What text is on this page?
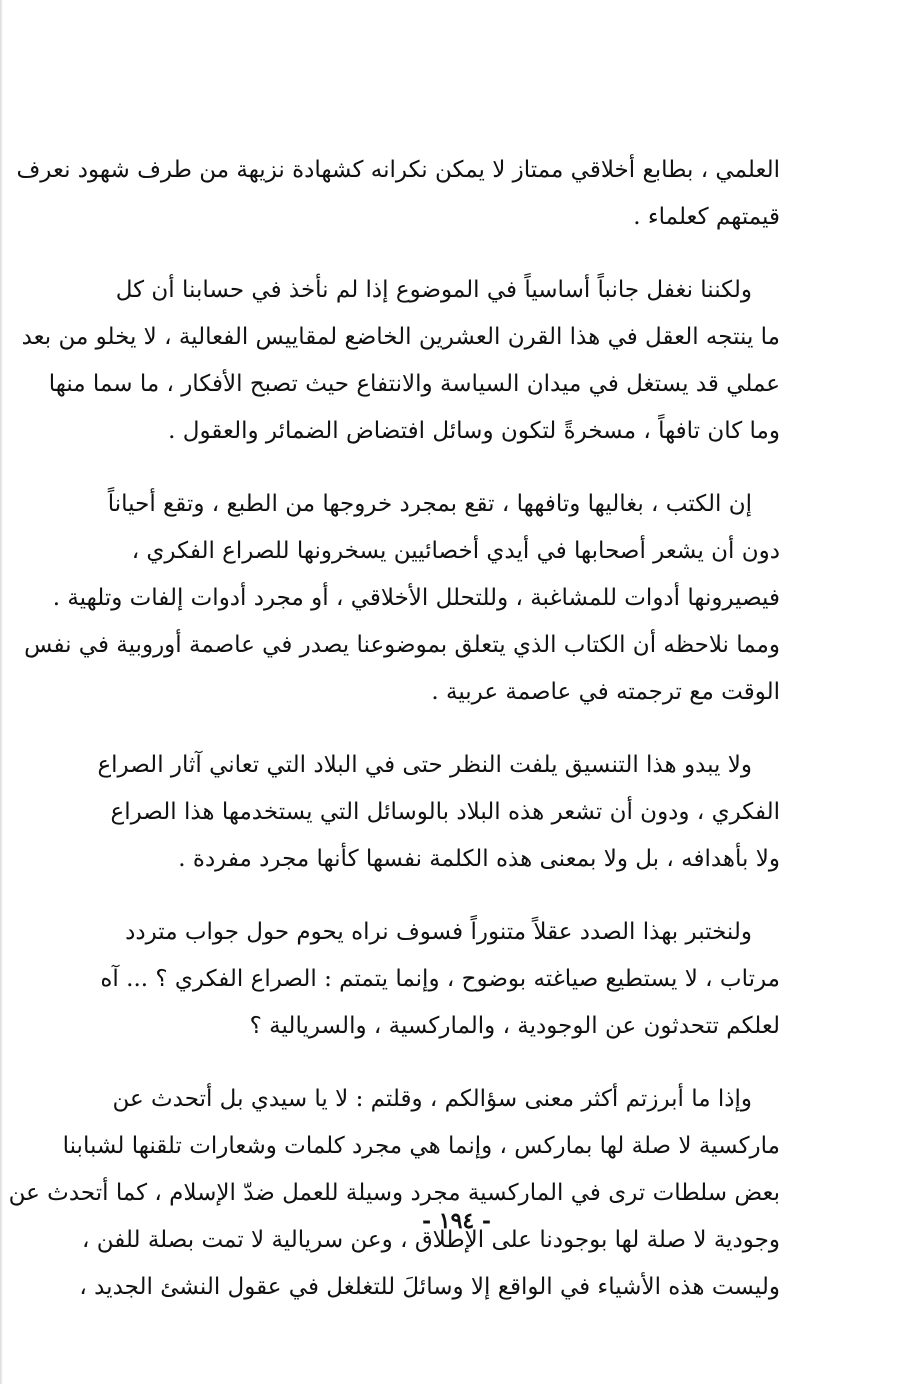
العلمي ، بطابع أخلاقي ممتاز لا يمكن نكرانه كشهادة نزيهة من طرف شهود نعرف
قيمتهم كعلماء .
ولكننا نغفل جانباً أساسياً في الموضوع إذا لم نأخذ في حسابنا أن كل
ما ينتجه العقل في هذا القرن العشرين الخاضع لمقاييس الفعالية ، لا يخلو من بعد
عملي قد يستغل في ميدان السياسة والانتفاع حيث تصبح الأفكار ، ما سما منها
وما كان تافهاً ، مسخرةً لتكون وسائل افتضاض الضمائر والعقول .
إن الكتب ، بغاليها وتافهها ، تقع بمجرد خروجها من الطبع ، وتقع أحياناً
دون أن يشعر أصحابها في أيدي أخصائيين يسخرونها للصراع الفكري ،
فيصيرونها أدوات للمشاغبة ، وللتحلل الأخلاقي ، أو مجرد أدوات إلفات وتلهية .
ومما نلاحظه أن الكتاب الذي يتعلق بموضوعنا يصدر في عاصمة أوروبية في نفس
الوقت مع ترجمته في عاصمة عربية .
ولا يبدو هذا التنسيق يلفت النظر حتى في البلاد التي تعاني آثار الصراع
الفكري ، ودون أن تشعر هذه البلاد بالوسائل التي يستخدمها هذا الصراع
ولا بأهدافه ، بل ولا بمعنى هذه الكلمة نفسها كأنها مجرد مفردة .
ولنختبر بهذا الصدد عقلاً متنوراً فسوف نراه يحوم حول جواب متردد
مرتاب ، لا يستطيع صياغته بوضوح ، وإنما يتمتم : الصراع الفكري ؟ ... آه
لعلكم تتحدثون عن الوجودية ، والماركسية ، والسريالية ؟
وإذا ما أبرزتم أكثر معنى سؤالكم ، وقلتم : لا يا سيدي بل أتحدث عن
ماركسية لا صلة لها بماركس ، وإنما هي مجرد كلمات وشعارات تلقنها لشبابنا
بعض سلطات ترى في الماركسية مجرد وسيلة للعمل ضدّ الإسلام ، كما أتحدث عن
وجودية لا صلة لها بوجودنا على الإطلاق ، وعن سريالية لا تمت بصلة للفن ،
وليست هذه الأشياء في الواقع إلا وسائلَ للتغلغل في عقول النشئ الجديد ،
- ١٩٤ -
